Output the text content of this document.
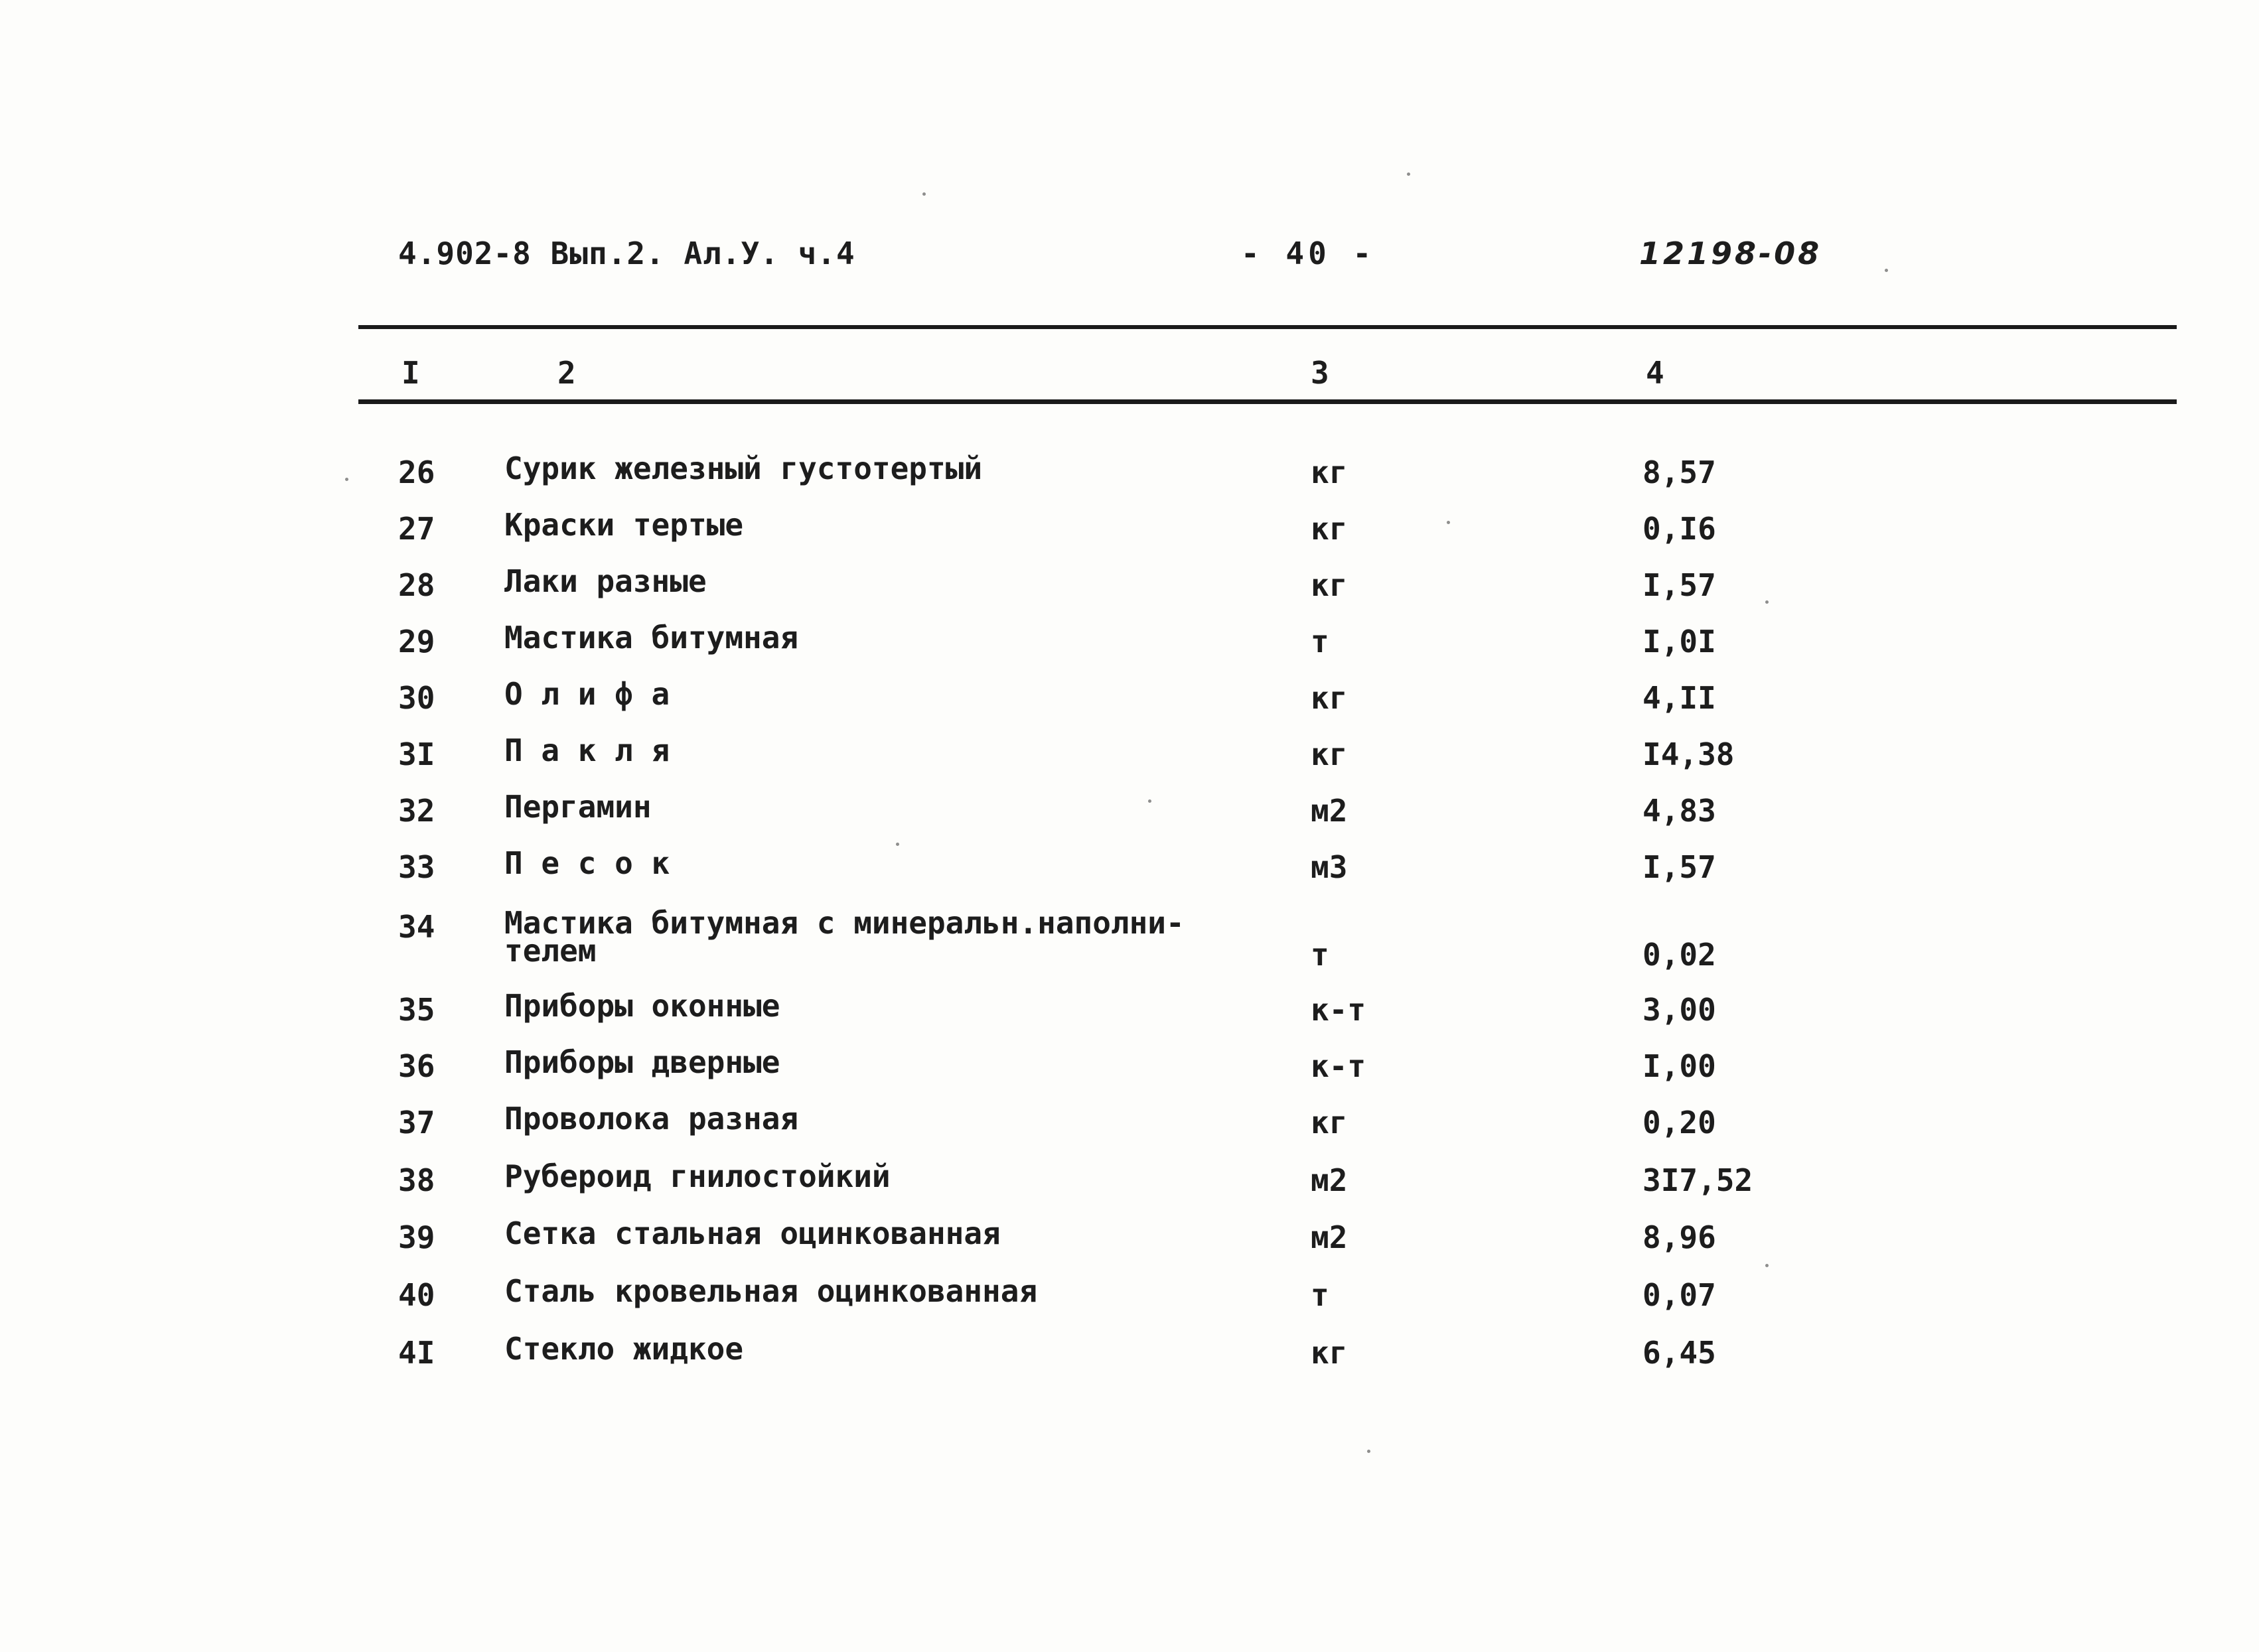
4.902-8 Вып.2. Ал.У. ч.4	- 40 -	12198-08
I	2	3	4
26 Сурик железный густотертый	кг	8,57
27 Краски тертые	кг	0,I6
28 Лаки разные	кг	I,57
29 Мастика битумная	т	I,0I
30 О л и ф а	кг	4,II
3I П а к л я	кг	I4,38
32 Пергамин	м2	4,83
33 П е с о к	м3	I,57
34 Мастика битумная с минеральн.наполни-
телем	т	0,02
35 Приборы оконные	к-т	3,00
36 Приборы дверные	к-т	I,00
37 Проволока разная	кг	0,20
38 Рубероид гнилостойкий	м2	3I7,52
39 Сетка стальная оцинкованная	м2	8,96
40 Сталь кровельная оцинкованная	т	0,07
4I Стекло жидкое	кг	6,45
